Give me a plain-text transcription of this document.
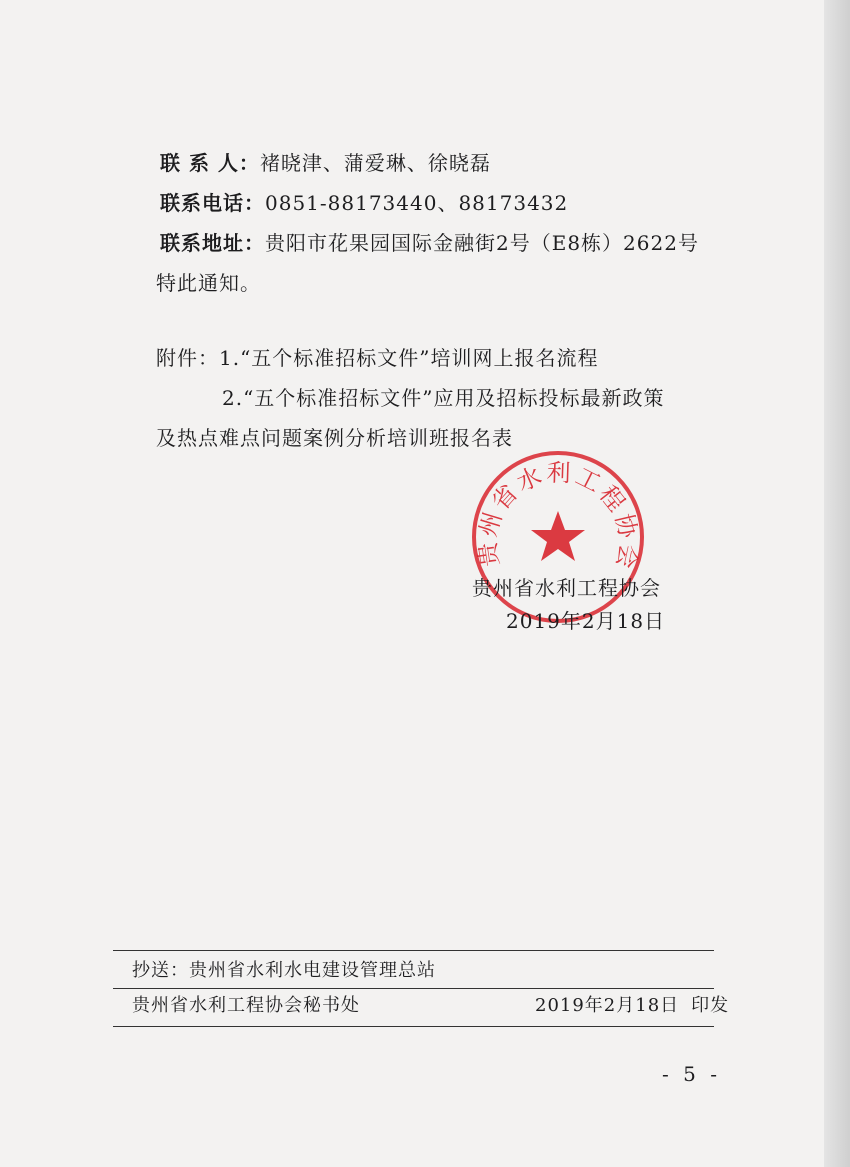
联 系 人：褚晓津、蒲爱琳、徐晓磊
联系电话：0851-88173440、88173432
联系地址：贵阳市花果园国际金融街2号（E8栋）2622号
特此通知。
附件：1.“五个标准招标文件”培训网上报名流程
2.“五个标准招标文件”应用及招标投标最新政策
及热点难点问题案例分析培训班报名表
贵州省水利工程协会
贵州省水利工程协会
2019年2月18日
抄送：贵州省水利水电建设管理总站
贵州省水利工程协会秘书处	2019年2月18日 印发
- 5 -
